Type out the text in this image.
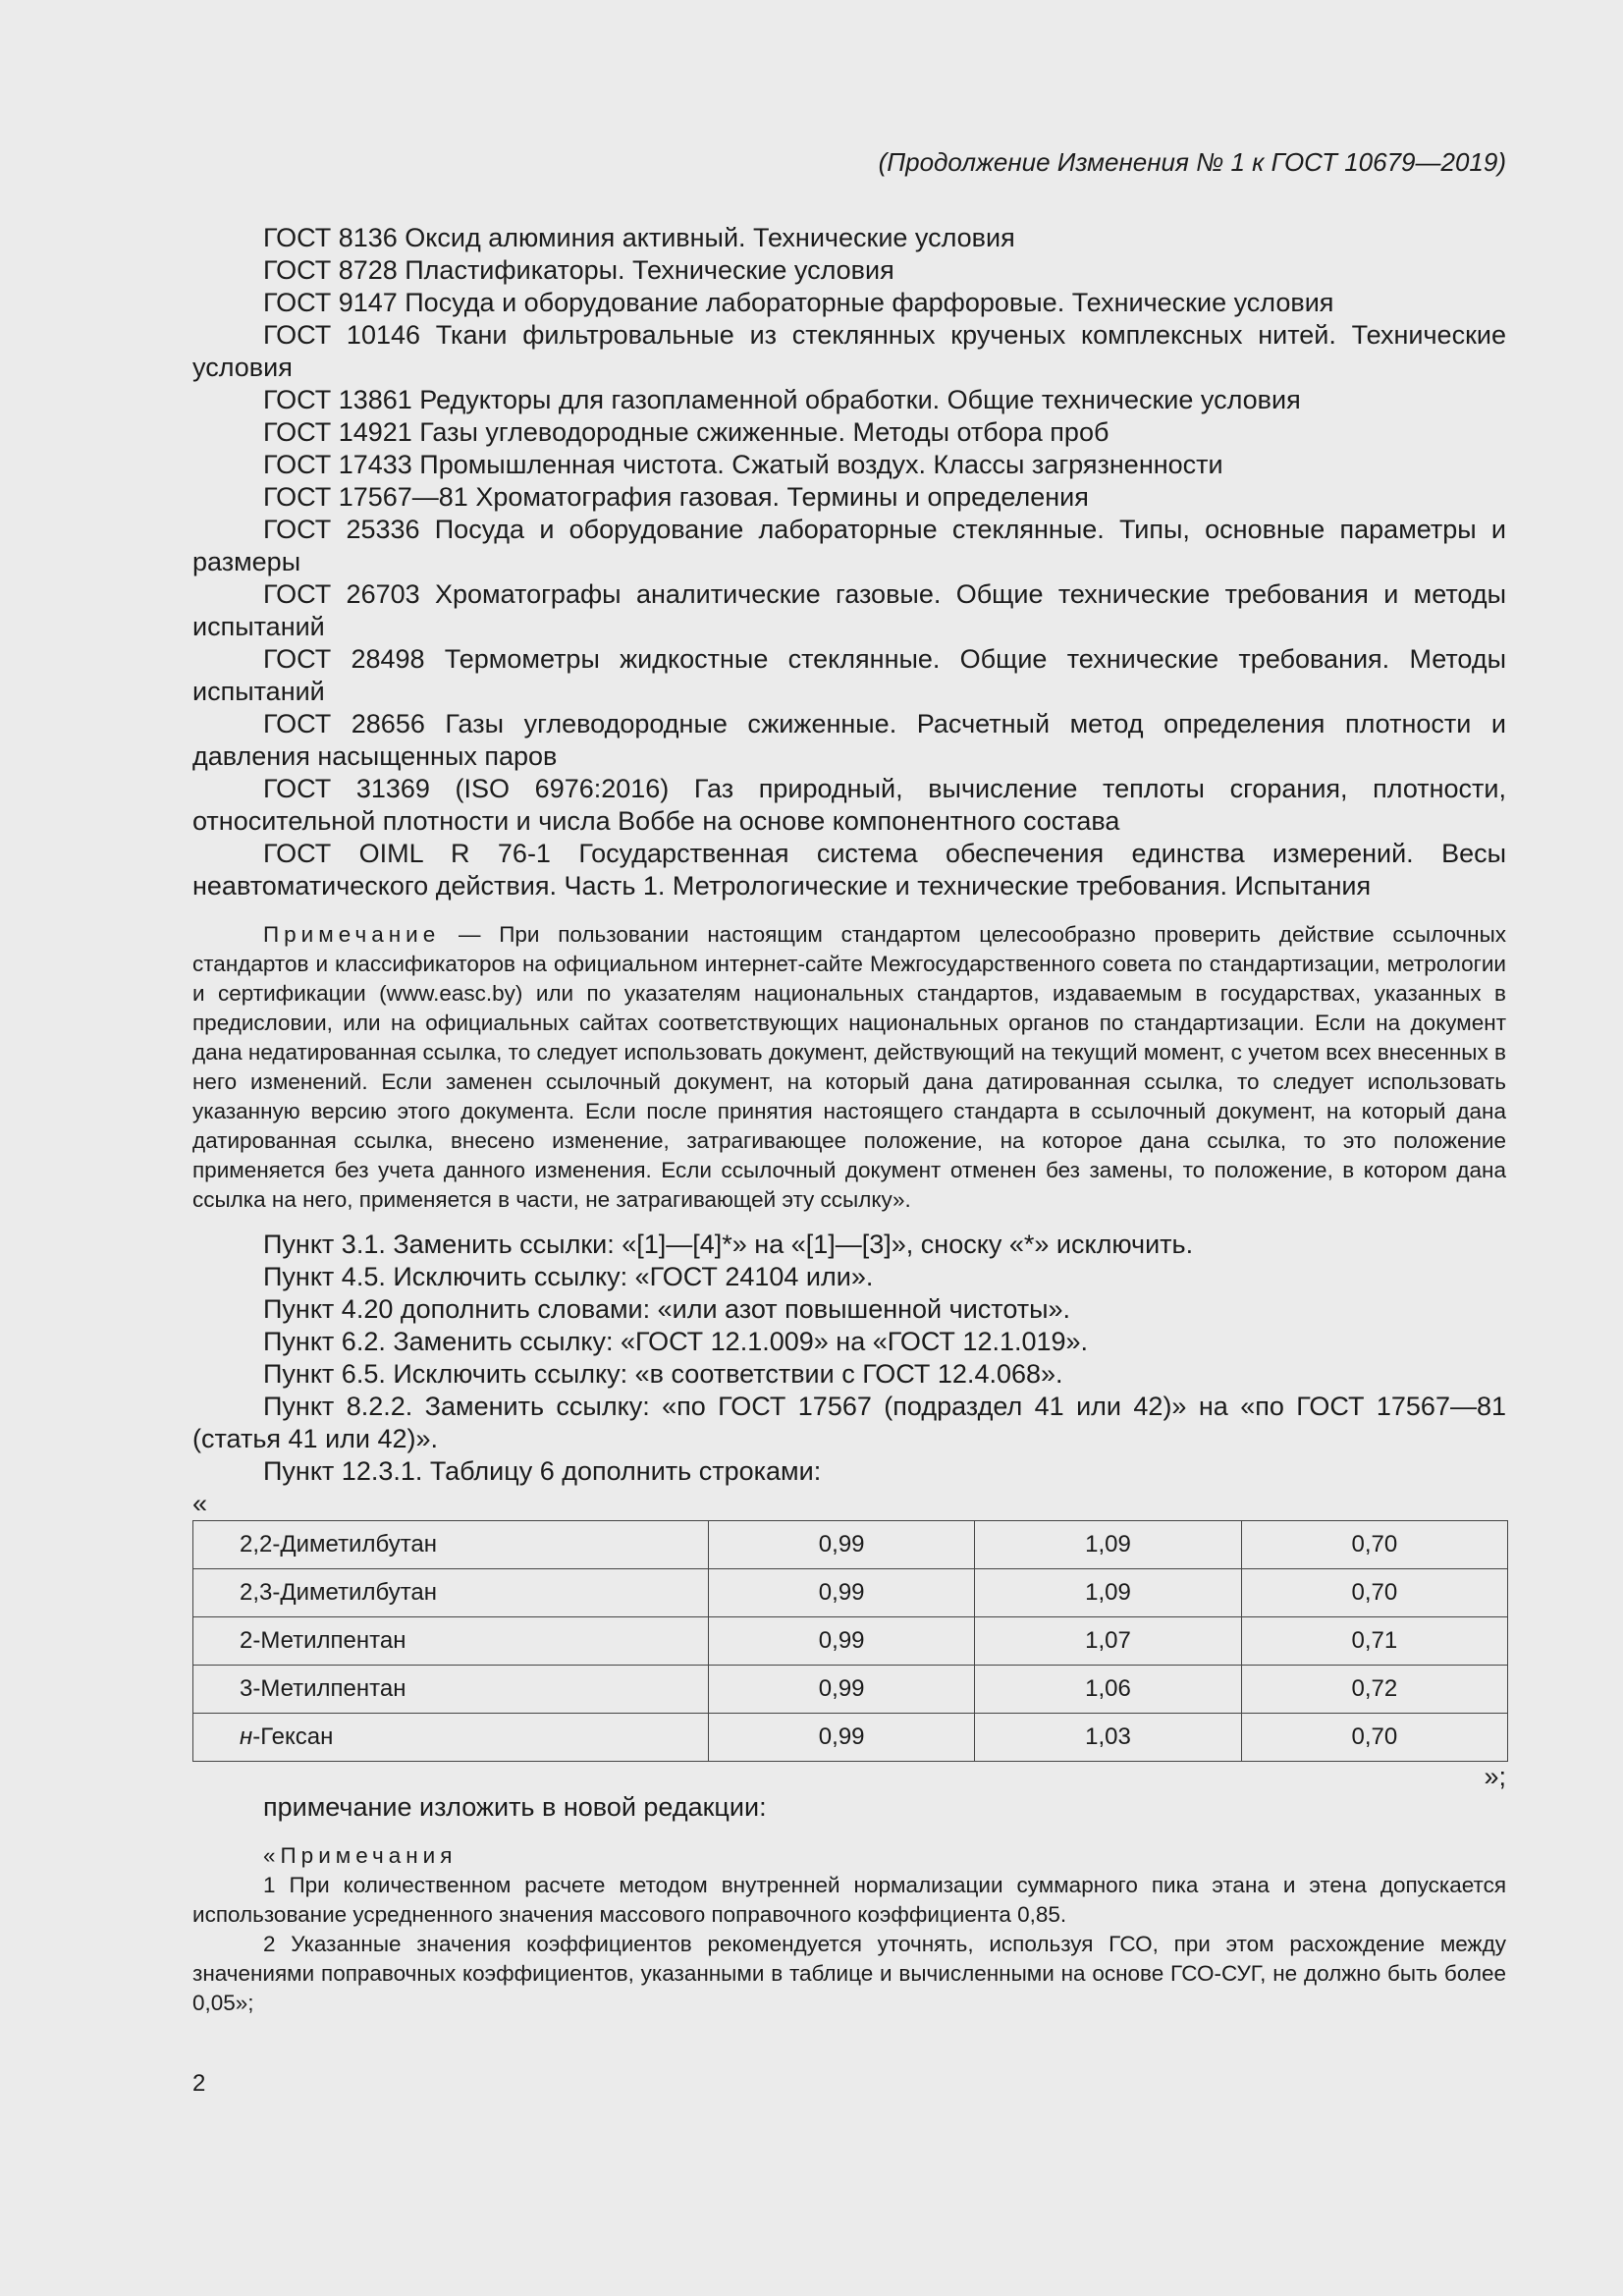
(Продолжение Изменения № 1 к ГОСТ 10679—2019)

ГОСТ 8136 Оксид алюминия активный. Технические условия

ГОСТ 8728 Пластификаторы. Технические условия

ГОСТ 9147 Посуда и оборудование лабораторные фарфоровые. Технические условия

ГОСТ 10146 Ткани фильтровальные из стеклянных крученых комплексных нитей. Технические условия

ГОСТ 13861 Редукторы для газопламенной обработки. Общие технические условия

ГОСТ 14921 Газы углеводородные сжиженные. Методы отбора проб

ГОСТ 17433 Промышленная чистота. Сжатый воздух. Классы загрязненности

ГОСТ 17567—81 Хроматография газовая. Термины и определения

ГОСТ 25336 Посуда и оборудование лабораторные стеклянные. Типы, основные параметры и размеры

ГОСТ 26703 Хроматографы аналитические газовые. Общие технические требования и методы испытаний

ГОСТ 28498 Термометры жидкостные стеклянные. Общие технические требования. Методы испытаний

ГОСТ 28656 Газы углеводородные сжиженные. Расчетный метод определения плотности и давления насыщенных паров

ГОСТ 31369 (ISO 6976:2016) Газ природный, вычисление теплоты сгорания, плотности, относительной плотности и числа Воббе на основе компонентного состава

ГОСТ OIML R 76-1 Государственная система обеспечения единства измерений. Весы неавтоматического действия. Часть 1. Метрологические и технические требования. Испытания

Примечание — При пользовании настоящим стандартом целесообразно проверить действие ссылочных стандартов и классификаторов на официальном интернет-сайте Межгосударственного совета по стандартизации, метрологии и сертификации (www.easc.by) или по указателям национальных стандартов, издаваемым в государствах, указанных в предисловии, или на официальных сайтах соответствующих национальных органов по стандартизации. Если на документ дана недатированная ссылка, то следует использовать документ, действующий на текущий момент, с учетом всех внесенных в него изменений. Если заменен ссылочный документ, на который дана датированная ссылка, то следует использовать указанную версию этого документа. Если после принятия настоящего стандарта в ссылочный документ, на который дана датированная ссылка, внесено изменение, затрагивающее положение, на которое дана ссылка, то это положение применяется без учета данного изменения. Если ссылочный документ отменен без замены, то положение, в котором дана ссылка на него, применяется в части, не затрагивающей эту ссылку».

Пункт 3.1. Заменить ссылки: «[1]—[4]*» на «[1]—[3]», сноску «*» исключить.

Пункт 4.5. Исключить ссылку: «ГОСТ 24104 или».

Пункт 4.20 дополнить словами: «или азот повышенной чистоты».

Пункт 6.2. Заменить ссылку: «ГОСТ 12.1.009» на «ГОСТ 12.1.019».

Пункт 6.5. Исключить ссылку: «в соответствии с ГОСТ 12.4.068».

Пункт 8.2.2. Заменить ссылку: «по ГОСТ 17567 (подраздел 41 или 42)» на «по ГОСТ 17567—81 (статья 41 или 42)».

Пункт 12.3.1. Таблицу 6 дополнить строками:

«
2,2-Диметилбутан	0,99	1,09	0,70
2,3-Диметилбутан	0,99	1,09	0,70
2-Метилпентан	0,99	1,07	0,71
3-Метилпентан	0,99	1,06	0,72
н-Гексан	0,99	1,03	0,70
»;

примечание изложить в новой редакции:

«Примечания

1 При количественном расчете методом внутренней нормализации суммарного пика этана и этена допускается использование усредненного значения массового поправочного коэффициента 0,85.

2 Указанные значения коэффициентов рекомендуется уточнять, используя ГСО, при этом расхождение между значениями поправочных коэффициентов, указанными в таблице и вычисленными на основе ГСО-СУГ, не должно быть более 0,05»;

2
